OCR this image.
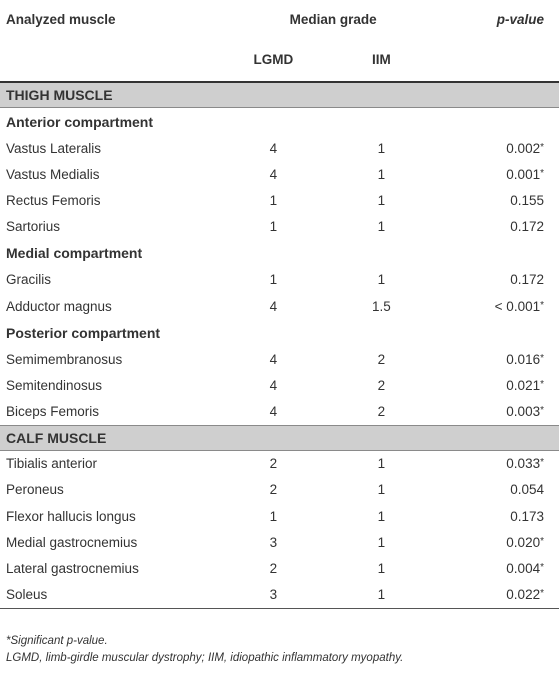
Analyzed muscle	Median grade		p-value
	LGMD	IIM	
THIGH MUSCLE			
Anterior compartment			
Vastus Lateralis	4	1	0.002*
Vastus Medialis	4	1	0.001*
Rectus Femoris	1	1	0.155
Sartorius	1	1	0.172
Medial compartment			
Gracilis	1	1	0.172
Adductor magnus	4	1.5	< 0.001*
Posterior compartment			
Semimembranosus	4	2	0.016*
Semitendinosus	4	2	0.021*
Biceps Femoris	4	2	0.003*
CALF MUSCLE			
Tibialis anterior	2	1	0.033*
Peroneus	2	1	0.054
Flexor hallucis longus	1	1	0.173
Medial gastrocnemius	3	1	0.020*
Lateral gastrocnemius	2	1	0.004*
Soleus	3	1	0.022*
*Significant p-value.
LGMD, limb-girdle muscular dystrophy; IIM, idiopathic inflammatory myopathy.
